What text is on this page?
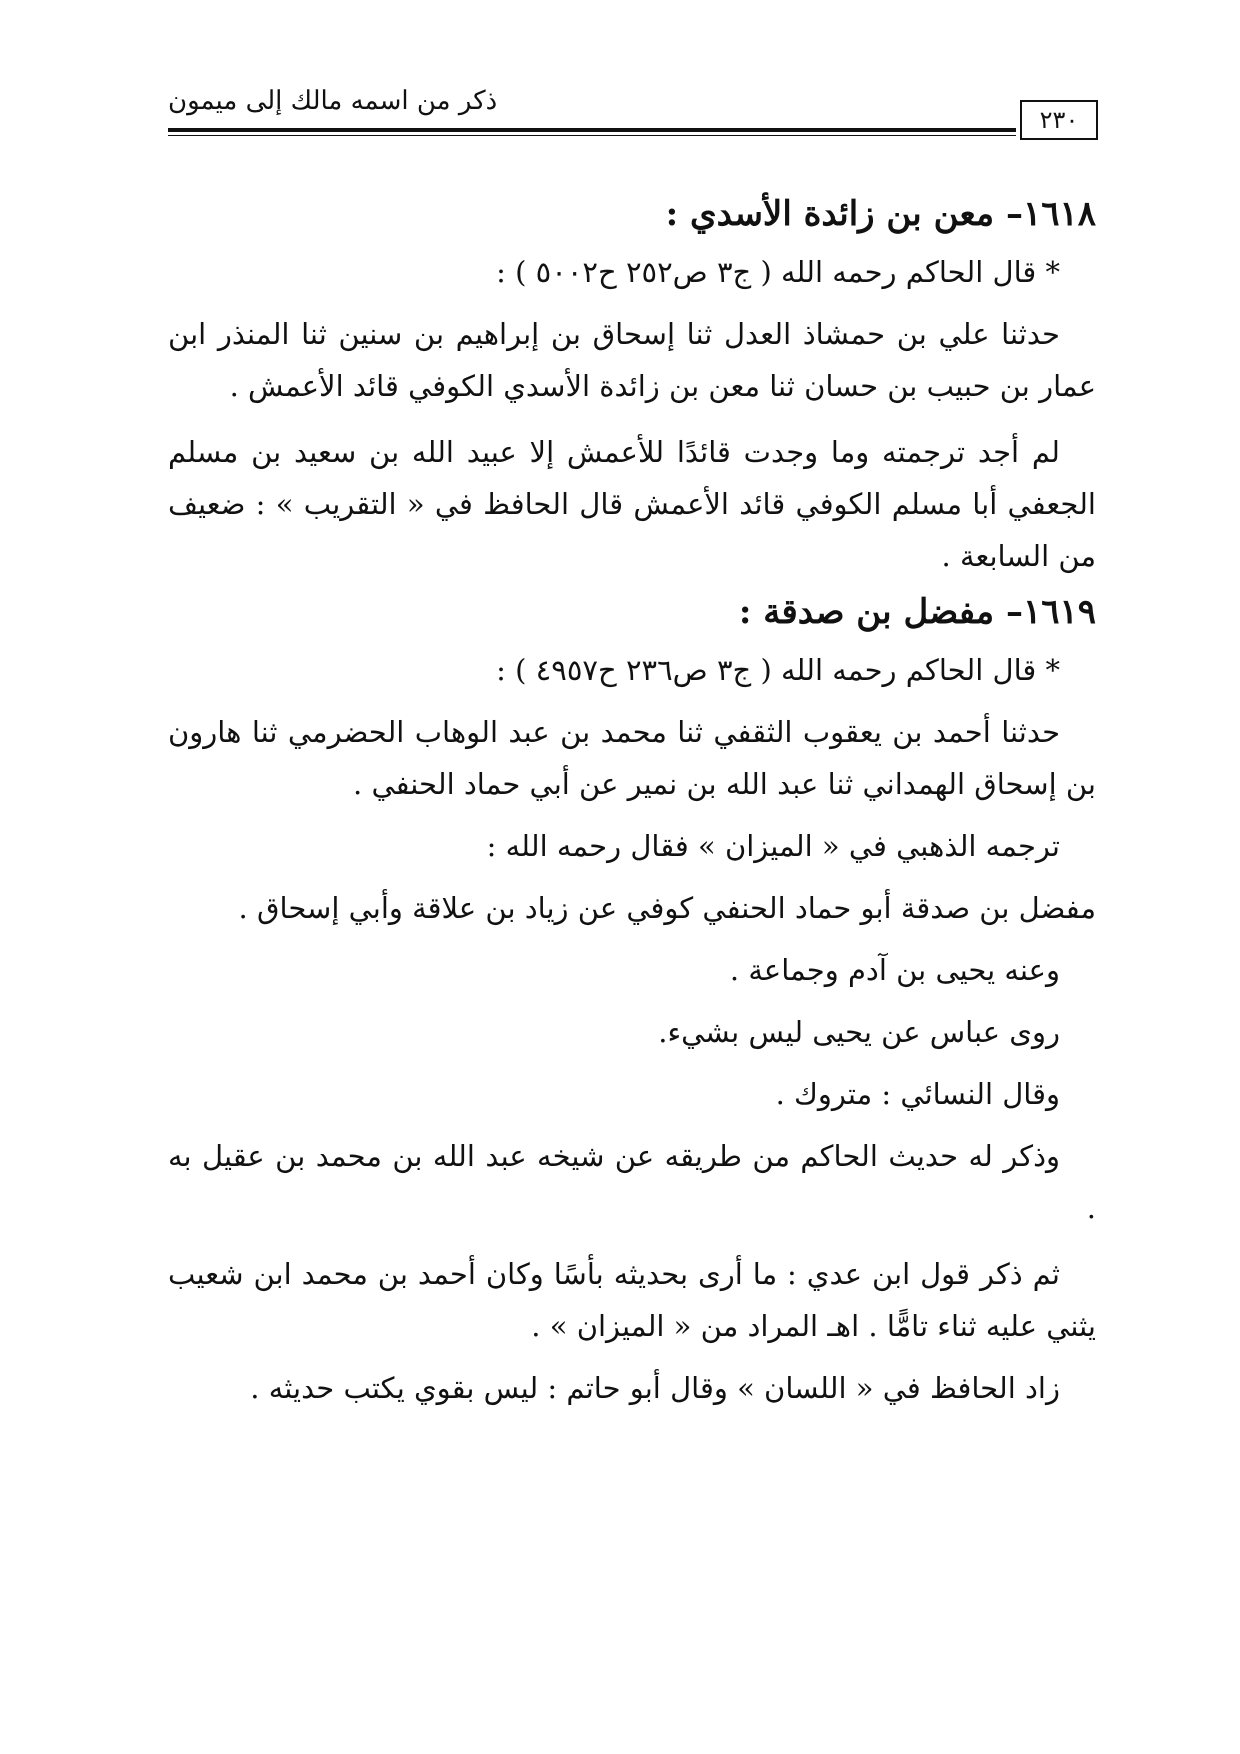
ذكر من اسمه مالك إلى ميمون
٢٣٠
١٦١٨– معن بن زائدة الأسدي :

* قال الحاكم رحمه الله ( ج٣ ص٢٥٢ ح٥٠٠٢ ) :

حدثنا علي بن حمشاذ العدل ثنا إسحاق بن إبراهيم بن سنين ثنا المنذر ابن عمار بن حبيب بن حسان ثنا معن بن زائدة الأسدي الكوفي قائد الأعمش .

لم أجد ترجمته وما وجدت قائدًا للأعمش إلا عبيد الله بن سعيد بن مسلم الجعفي أبا مسلم الكوفي قائد الأعمش قال الحافظ في « التقريب » : ضعيف من السابعة .

١٦١٩– مفضل بن صدقة :

* قال الحاكم رحمه الله ( ج٣ ص٢٣٦ ح٤٩٥٧ ) :

حدثنا أحمد بن يعقوب الثقفي ثنا محمد بن عبد الوهاب الحضرمي ثنا هارون بن إسحاق الهمداني ثنا عبد الله بن نمير عن أبي حماد الحنفي .

ترجمه الذهبي في « الميزان » فقال رحمه الله :

مفضل بن صدقة أبو حماد الحنفي كوفي عن زياد بن علاقة وأبي إسحاق .

وعنه يحيى بن آدم وجماعة .

روى عباس عن يحيى ليس بشيء.

وقال النسائي : متروك .

وذكر له حديث الحاكم من طريقه عن شيخه عبد الله بن محمد بن عقيل به .

ثم ذكر قول ابن عدي : ما أرى بحديثه بأسًا وكان أحمد بن محمد ابن شعيب يثني عليه ثناء تامًّا . اهـ المراد من « الميزان » .

زاد الحافظ في « اللسان » وقال أبو حاتم : ليس بقوي يكتب حديثه .
